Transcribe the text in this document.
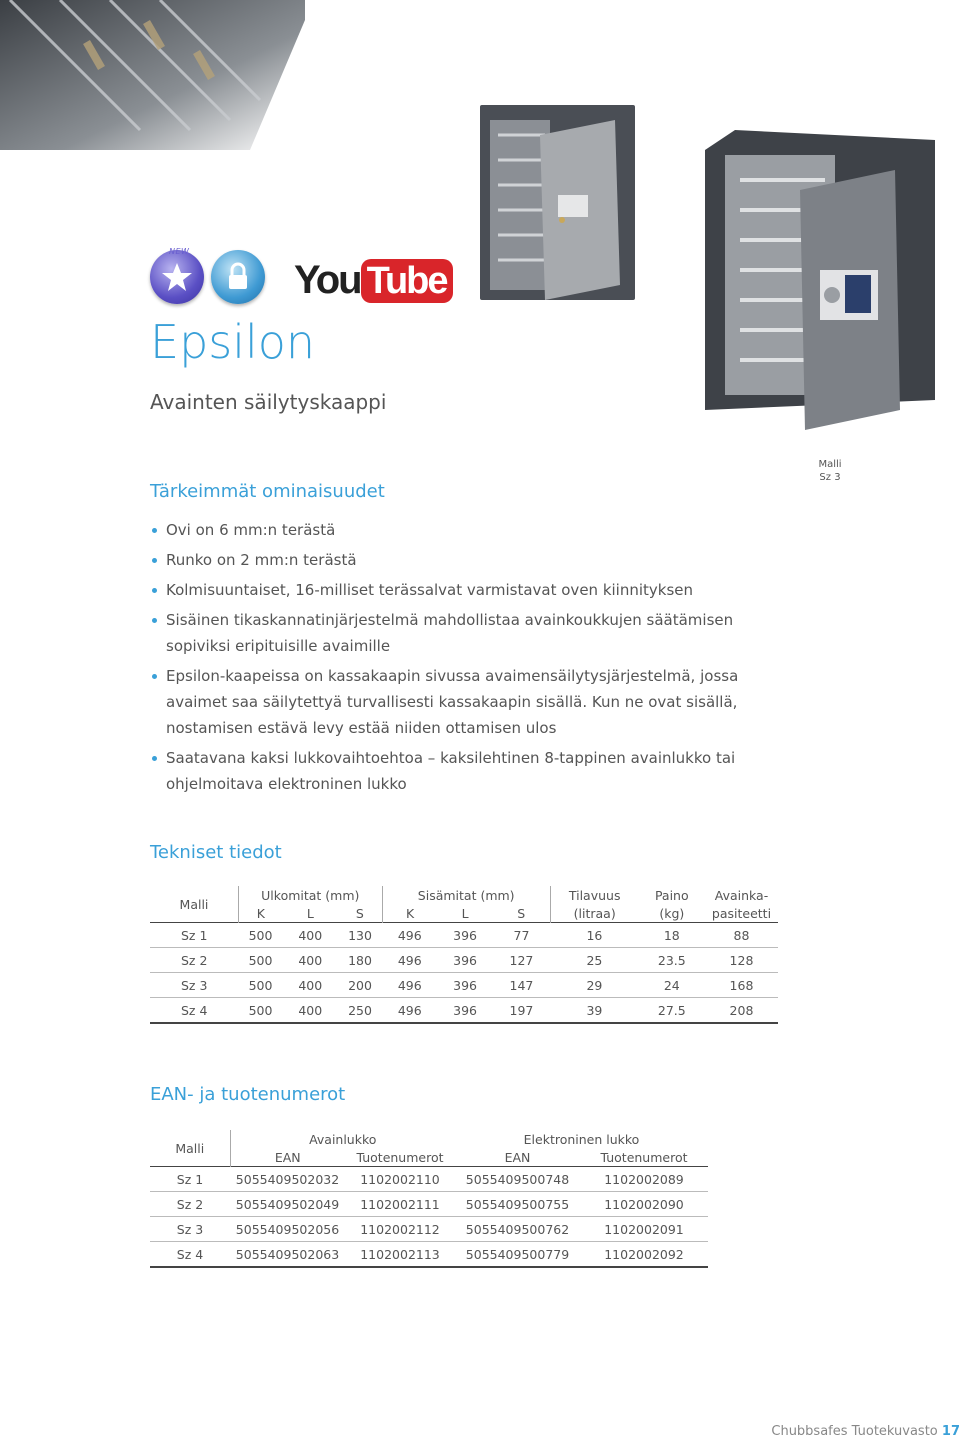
NEW
You Tube
Epsilon
Avainten säilytyskaappi
Malli
Sz 3
Tärkeimmät ominaisuudet
Ovi on 6 mm:n terästä
Runko on 2 mm:n terästä
Kolmisuuntaiset, 16-milliset terässalvat varmistavat oven kiinnityksen
Sisäinen tikaskannatinjärjestelmä mahdollistaa avainkoukkujen säätämisen sopiviksi eripituisille avaimille
Epsilon-kaapeissa on kassakaapin sivussa avaimensäilytysjärjestelmä, jossa avaimet saa säilytettyä turvallisesti kassakaapin sisällä. Kun ne ovat sisällä, nostamisen estävä levy estää niiden ottamisen ulos
Saatavana kaksi lukkovaihtoehtoa – kaksilehtinen 8-tappinen avainlukko tai ohjelmoitava elektroninen lukko
Tekniset tiedot
Malli	Ulkomitat (mm)			Sisämitat (mm)			Tilavuus	Paino	Avainka-
	K	L	S	K	L	S	(litraa)	(kg)	pasiteetti
Sz 1	500	400	130	496	396	77	16	18	88
Sz 2	500	400	180	496	396	127	25	23.5	128
Sz 3	500	400	200	496	396	147	29	24	168
Sz 4	500	400	250	496	396	197	39	27.5	208
EAN- ja tuotenumerot
Malli	Avainlukko		Elektroninen lukko	
	EAN	Tuotenumerot	EAN	Tuotenumerot
Sz 1	5055409502032	1102002110	5055409500748	1102002089
Sz 2	5055409502049	1102002111	5055409500755	1102002090
Sz 3	5055409502056	1102002112	5055409500762	1102002091
Sz 4	5055409502063	1102002113	5055409500779	1102002092
Chubbsafes Tuotekuvasto 17
